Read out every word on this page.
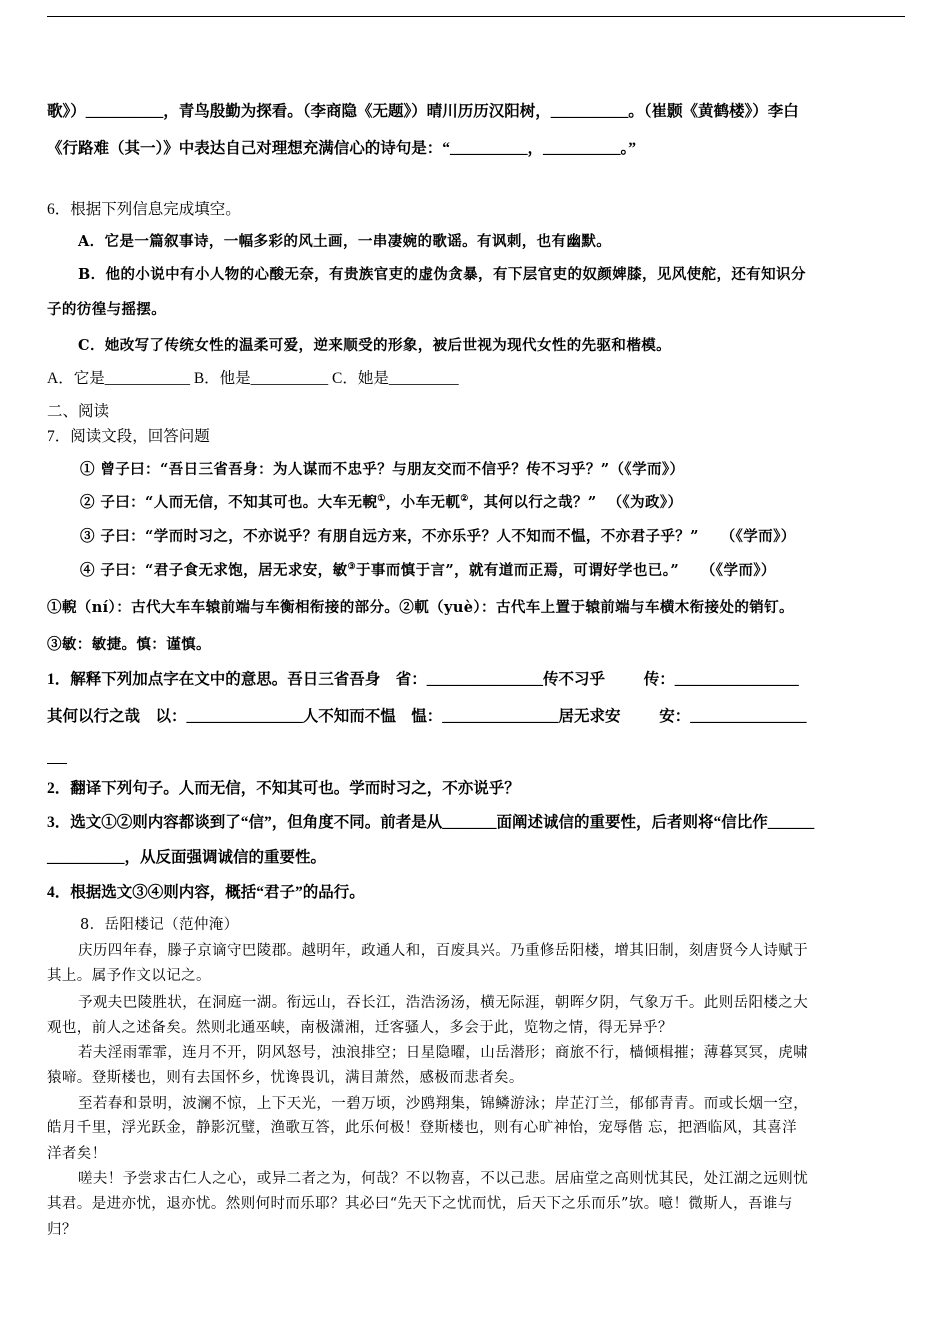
歌》）__________，青鸟殷勤为探看。（李商隐《无题》）晴川历历汉阳树，__________。（崔颢《黄鹤楼》）李白
《行路难（其一）》中表达自己对理想充满信心的诗句是：“__________，__________。”
6．根据下列信息完成填空。
A．它是一篇叙事诗，一幅多彩的风土画，一串凄婉的歌谣。有讽刺，也有幽默。
B．他的小说中有小人物的心酸无奈，有贵族官吏的虚伪贪暴，有下层官吏的奴颜婢膝，见风使舵，还有知识分
子的彷徨与摇摆。
C．她改写了传统女性的温柔可爱，逆来顺受的形象，被后世视为现代女性的先驱和楷模。
A．它是___________ B．他是__________ C．她是_________
二、阅读
7．阅读文段，回答问题
① 曾子曰：“吾日三省吾身：为人谋而不忠乎？与朋友交而不信乎？传不习乎？”（《学而》）
② 子曰：“人而无信，不知其可也。大车无輗①，小车无軏②，其何以行之哉？”  （《为政》）
③ 子曰：“学而时习之，不亦说乎？有朋自远方来，不亦乐乎？人不知而不愠，不亦君子乎？”    （《学而》）
④ 子曰：“君子食无求饱，居无求安，敏③于事而慎于言”，就有道而正焉，可谓好学也已。”    （《学而》）
①輗（ní）：古代大车车辕前端与车衡相衔接的部分。②軏（yuè）：古代车上置于辕前端与车横木衔接处的销钉。
③敏：敏捷。慎：谨慎。
1．解释下列加点字在文中的意思。吾日三省吾身    省：_______________传不习乎          传：________________
其何以行之哉    以：_______________人不知而不愠    愠：_______________居无求安          安：_______________
2．翻译下列句子。人而无信，不知其可也。学而时习之，不亦说乎？
3．选文①②则内容都谈到了“信”，但角度不同。前者是从_______面阐述诚信的重要性，后者则将“信比作______
__________，从反面强调诚信的重要性。
4．根据选文③④则内容，概括“君子”的品行。
8．岳阳楼记（范仲淹）
庆历四年春，滕子京谪守巴陵郡。越明年，政通人和，百废具兴。乃重修岳阳楼，增其旧制，刻唐贤今人诗赋于
其上。属予作文以记之。
予观夫巴陵胜状，在洞庭一湖。衔远山，吞长江，浩浩汤汤，横无际涯，朝晖夕阴，气象万千。此则岳阳楼之大
观也，前人之述备矣。然则北通巫峡，南极潇湘，迁客骚人，多会于此，览物之情，得无异乎？
若夫淫雨霏霏，连月不开，阴风怒号，浊浪排空；日星隐曜，山岳潜形；商旅不行，樯倾楫摧；薄暮冥冥，虎啸
猿啼。登斯楼也，则有去国怀乡，忧谗畏讥，满目萧然，感极而悲者矣。
至若春和景明，波澜不惊，上下天光，一碧万顷，沙鸥翔集，锦鳞游泳；岸芷汀兰，郁郁青青。而或长烟一空，
皓月千里，浮光跃金，静影沉璧，渔歌互答，此乐何极！登斯楼也，则有心旷神怡，宠辱偕 忘，把酒临风，其喜洋
洋者矣！
嗟夫！予尝求古仁人之心，或异二者之为，何哉？不以物喜，不以己悲。居庙堂之高则忧其民，处江湖之远则忧
其君。是进亦忧，退亦忧。然则何时而乐耶？其必曰“先天下之忧而忧，后天下之乐而乐”欤。噫！微斯人，吾谁与
归？
